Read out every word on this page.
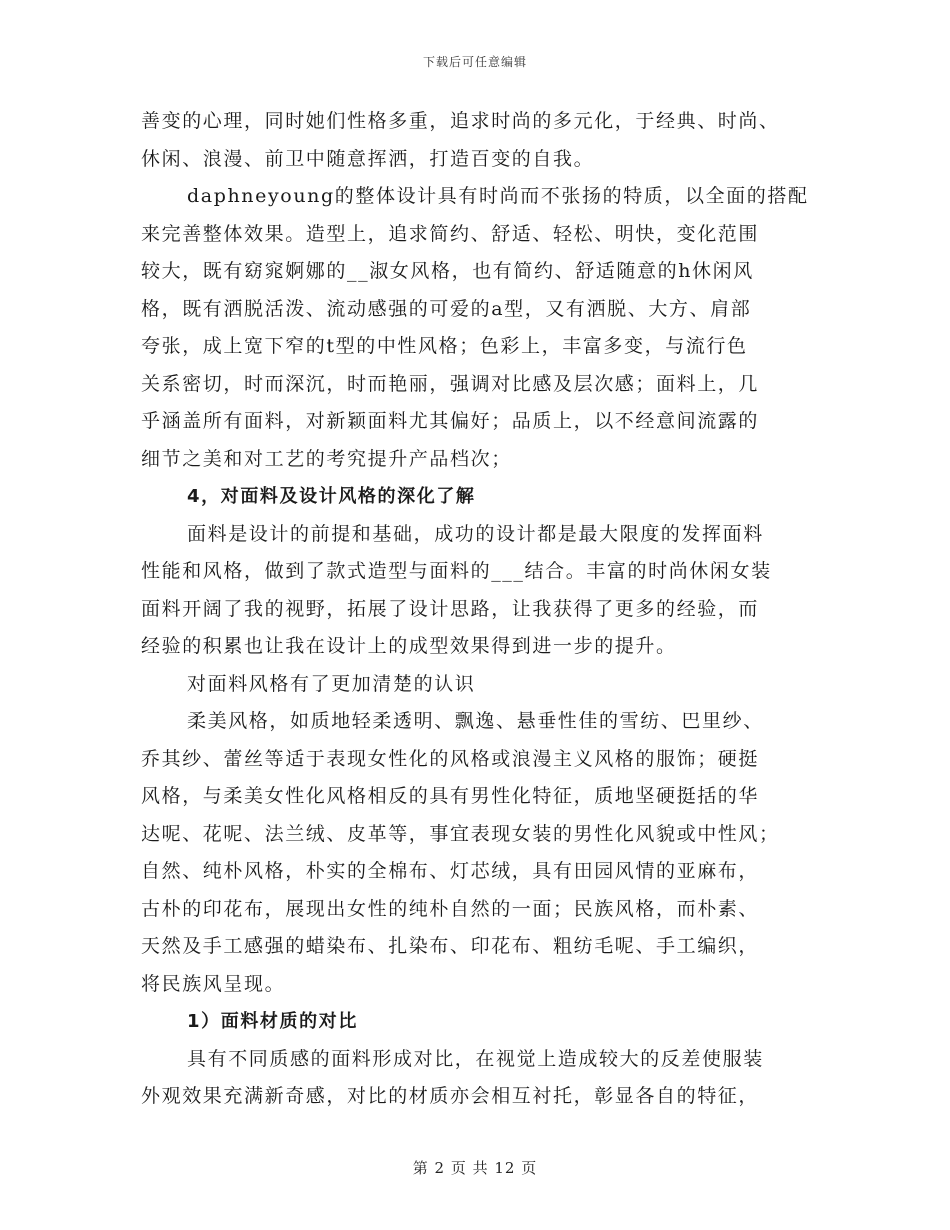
下载后可任意编辑
善变的心理，同时她们性格多重，追求时尚的多元化，于经典、时尚、
休闲、浪漫、前卫中随意挥洒，打造百变的自我。
daphneyoung的整体设计具有时尚而不张扬的特质，以全面的搭配
来完善整体效果。造型上，追求简约、舒适、轻松、明快，变化范围
较大，既有窈窕婀娜的__淑女风格，也有简约、舒适随意的h休闲风
格，既有洒脱活泼、流动感强的可爱的a型，又有洒脱、大方、肩部
夸张，成上宽下窄的t型的中性风格；色彩上，丰富多变，与流行色
关系密切，时而深沉，时而艳丽，强调对比感及层次感；面料上，几
乎涵盖所有面料，对新颖面料尤其偏好；品质上，以不经意间流露的
细节之美和对工艺的考究提升产品档次；
4，对面料及设计风格的深化了解
面料是设计的前提和基础，成功的设计都是最大限度的发挥面料
性能和风格，做到了款式造型与面料的___结合。丰富的时尚休闲女装
面料开阔了我的视野，拓展了设计思路，让我获得了更多的经验，而
经验的积累也让我在设计上的成型效果得到进一步的提升。
对面料风格有了更加清楚的认识
柔美风格，如质地轻柔透明、飘逸、悬垂性佳的雪纺、巴里纱、
乔其纱、蕾丝等适于表现女性化的风格或浪漫主义风格的服饰；硬挺
风格，与柔美女性化风格相反的具有男性化特征，质地坚硬挺括的华
达呢、花呢、法兰绒、皮革等，事宜表现女装的男性化风貌或中性风；
自然、纯朴风格，朴实的全棉布、灯芯绒，具有田园风情的亚麻布，
古朴的印花布，展现出女性的纯朴自然的一面；民族风格，而朴素、
天然及手工感强的蜡染布、扎染布、印花布、粗纺毛呢、手工编织，
将民族风呈现。
1）面料材质的对比
具有不同质感的面料形成对比，在视觉上造成较大的反差使服装
外观效果充满新奇感，对比的材质亦会相互衬托，彰显各自的特征，
第 2 页 共 12 页
